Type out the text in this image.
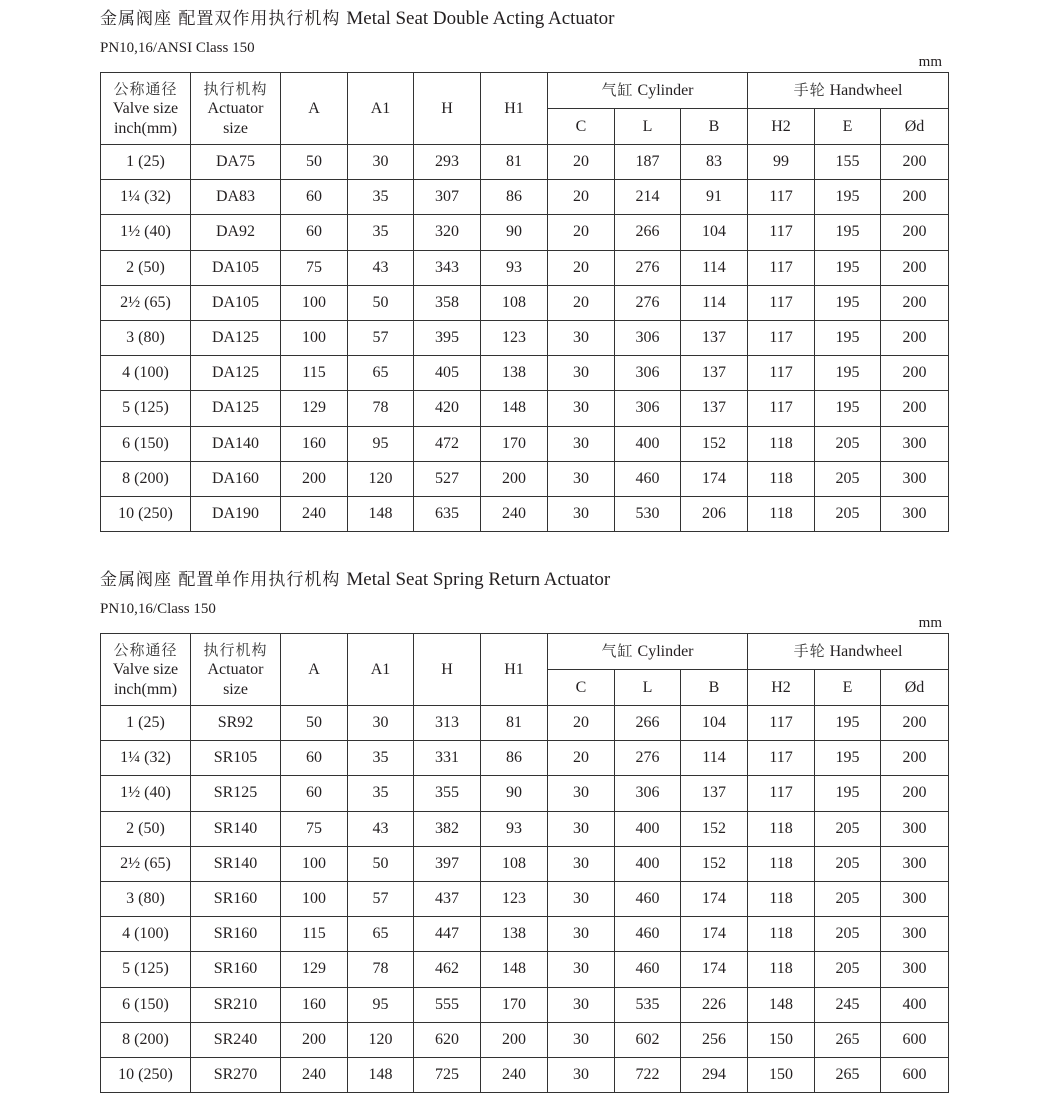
金属阀座 配置双作用执行机构 Metal Seat Double Acting Actuator
PN10,16/ANSI Class 150
mm
公称通径
Valve size
inch(mm)	执行机构
Actuator
size	A	A1	H	H1	气缸 Cylinder			手轮 Handwheel		
						C	L	B	H2	E	Ød
1 (25)	DA75	50	30	293	81	20	187	83	99	155	200
1¼ (32)	DA83	60	35	307	86	20	214	91	117	195	200
1½ (40)	DA92	60	35	320	90	20	266	104	117	195	200
2 (50)	DA105	75	43	343	93	20	276	114	117	195	200
2½ (65)	DA105	100	50	358	108	20	276	114	117	195	200
3 (80)	DA125	100	57	395	123	30	306	137	117	195	200
4 (100)	DA125	115	65	405	138	30	306	137	117	195	200
5 (125)	DA125	129	78	420	148	30	306	137	117	195	200
6 (150)	DA140	160	95	472	170	30	400	152	118	205	300
8 (200)	DA160	200	120	527	200	30	460	174	118	205	300
10 (250)	DA190	240	148	635	240	30	530	206	118	205	300
金属阀座 配置单作用执行机构 Metal Seat Spring Return Actuator
PN10,16/Class 150
mm
公称通径
Valve size
inch(mm)	执行机构
Actuator
size	A	A1	H	H1	气缸 Cylinder			手轮 Handwheel		
						C	L	B	H2	E	Ød
1 (25)	SR92	50	30	313	81	20	266	104	117	195	200
1¼ (32)	SR105	60	35	331	86	20	276	114	117	195	200
1½ (40)	SR125	60	35	355	90	30	306	137	117	195	200
2 (50)	SR140	75	43	382	93	30	400	152	118	205	300
2½ (65)	SR140	100	50	397	108	30	400	152	118	205	300
3 (80)	SR160	100	57	437	123	30	460	174	118	205	300
4 (100)	SR160	115	65	447	138	30	460	174	118	205	300
5 (125)	SR160	129	78	462	148	30	460	174	118	205	300
6 (150)	SR210	160	95	555	170	30	535	226	148	245	400
8 (200)	SR240	200	120	620	200	30	602	256	150	265	600
10 (250)	SR270	240	148	725	240	30	722	294	150	265	600
